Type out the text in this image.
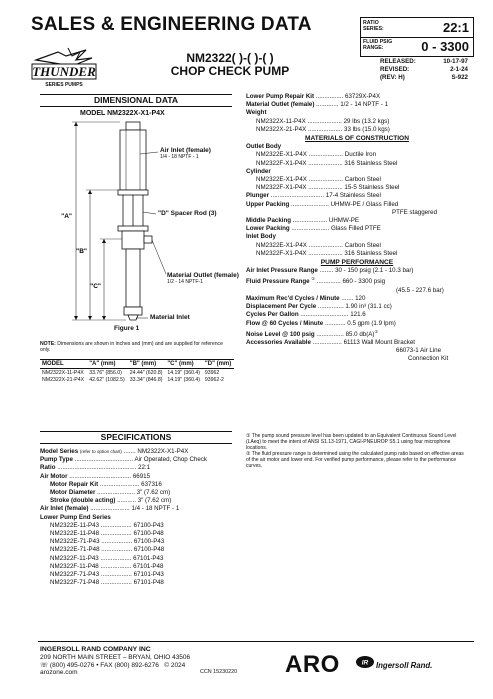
SALES & ENGINEERING DATA	RATIO SERIES:	22:1
FLUID PSIG RANGE:	0 - 3300
THUNDER
SERIES PUMPS
NM2322( )-( )-( )
CHOP CHECK PUMP
RELEASED:	10-17-97
REVISED:	2-1-24
(REV: H)	S-922
DIMENSIONAL DATA
MODEL NM2322X-X1-P4X
"A"
"B"
"C"
Air Inlet (female)
1/4 - 18 NPTF - 1
"D" Spacer Rod (3)
Material Outlet (female)
1/2 - 14 NPTF-1
Material Inlet
Figure 1
NOTE: Dimensions are shown in inches and (mm) and are supplied for reference only.
MODEL	"A" (mm)	"B" (mm)	"C" (mm)	"D" (mm)
NM2322X-11-P4X	33.76" (856.0)	24.44" (620.8)	14.19" (360.4)	93962
NM2322X-21-P4X	42.62" (1082.5)	33.34" (846.8)	14.19" (360.4)	93962-2
SPECIFICATIONS
Model Series (refer to option chart) ....... NM2322X-X1-P4X
Pump Type .................................. Air Operated, Chop Check
Ratio .............................................. 22:1
Air Motor .................................... 66915
Motor Repair Kit ....................... 637316
Motor Diameter ...................... 3" (7.62 cm)
Stroke (double acting) ........... 3" (7.62 cm)
Air Inlet (female) ....................... 1/4 - 18 NPTF - 1
Lower Pump End Series
NM2322E-11-P43 .................. 67100-P43
NM2322E-11-P48 .................. 67100-P48
NM2322E-71-P43 .................. 67100-P43
NM2322E-71-P48 .................. 67100-P48
NM2322F-11-P43 .................. 67101-P43
NM2322F-11-P48 .................. 67101-P48
NM2322F-71-P43 .................. 67101-P43
NM2322F-71-P48 .................. 67101-P48
Lower Pump Repair Kit ................ 63729X-P4X
Material Outlet (female) ............. 1/2 - 14 NPTF - 1
Weight
NM2322X-11-P4X .................... 29 lbs (13.2 kgs)
NM2322X-21-P4X .................... 33 lbs (15.0 kgs)
MATERIALS OF CONSTRUCTION
Outlet Body
NM2322E-X1-P4X .................... Ductile Iron
NM2322F-X1-P4X .................... 316 Stainless Steel
Cylinder
NM2322E-X1-P4X .................... Carbon Steel
NM2322F-X1-P4X .................... 15-5 Stainless Steel
Plunger ............................... 17-4 Stainless Steel
Upper Packing ...................... UHMW-PE / Glass Filled
PTFE staggered
Middle Packing .................... UHMW-PE
Lower Packing ...................... Glass Filled PTFE
Inlet Body
NM2322E-X1-P4X .................... Carbon Steel
NM2322F-X1-P4X .................... 316 Stainless Steel
PUMP PERFORMANCE
Air Inlet Pressure Range ........ 30 - 150 psig (2.1 - 10.3 bar)
Fluid Pressure Range ② .............. 660 - 3300 psig
(45.5 - 227.6 bar)
Maximum Rec'd Cycles / Minute ....... 120
Displacement Per Cycle ............... 1.90 in³ (31.1 cc)
Cycles Per Gallon ............................ 121.6
Flow @ 60 Cycles / Minute ............ 0.5 gpm (1.9 lpm)
Noise Level @ 100 psig ................ 85.0 db(A)①
Accessories Available ................. 61113 Wall Mount Bracket
66073-1 Air Line
Connection Kit
① The pump sound pressure level has been updated to an Equivalent Continuous Sound Level (LAeq) to meet the intent of ANSI S1.13-1971, CAGI-PNEUROP S5.1 using four microphone locations.
② The fluid pressure range is determined using the calculated pump ratio based on effective areas of the air motor and lower end. For verified pump performance, please refer to the performance curves.
INGERSOLL RAND COMPANY INC
209 NORTH MAIN STREET – BRYAN, OHIO 43506
☏ (800) 495-0276 • FAX (800) 892-6276 © 2024
arozone.com	CCN 15230220 ARO	IR Ingersoll Rand.
